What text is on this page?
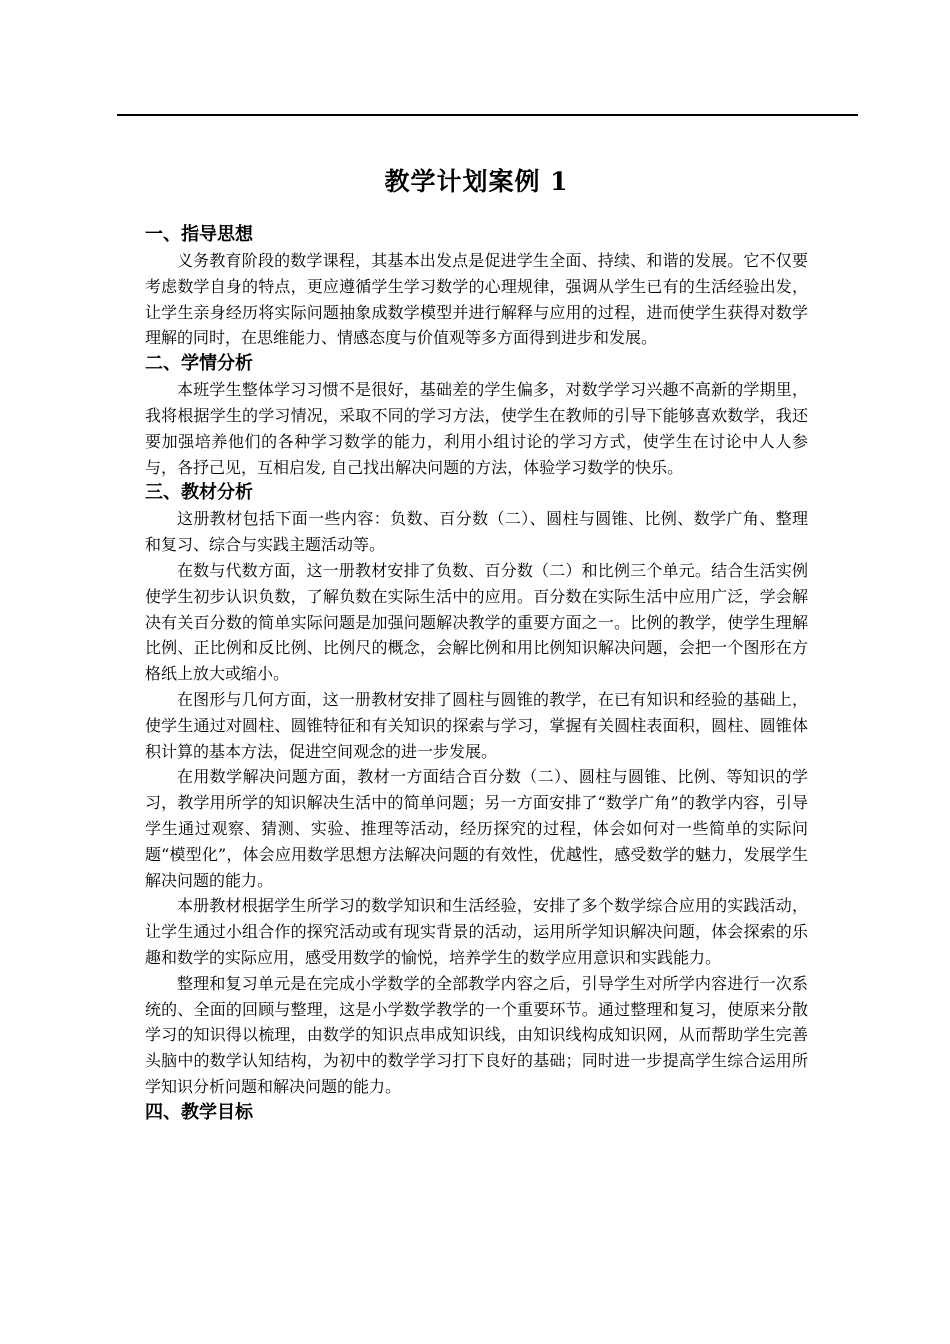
教学计划案例 1
一、指导思想

义务教育阶段的数学课程，其基本出发点是促进学生全面、持续、和谐的发展。它不仅要考虑数学自身的特点，更应遵循学生学习数学的心理规律，强调从学生已有的生活经验出发，让学生亲身经历将实际问题抽象成数学模型并进行解释与应用的过程，进而使学生获得对数学理解的同时，在思维能力、情感态度与价值观等多方面得到进步和发展。

二、学情分析

本班学生整体学习习惯不是很好，基础差的学生偏多，对数学学习兴趣不高新的学期里，我将根据学生的学习情况，采取不同的学习方法，使学生在教师的引导下能够喜欢数学，我还要加强培养他们的各种学习数学的能力，利用小组讨论的学习方式，使学生在讨论中人人参与，各抒己见，互相启发, 自己找出解决问题的方法，体验学习数学的快乐。

三、教材分析

这册教材包括下面一些内容：负数、百分数（二）、圆柱与圆锥、比例、数学广角、整理和复习、综合与实践主题活动等。

在数与代数方面，这一册教材安排了负数、百分数（二）和比例三个单元。结合生活实例使学生初步认识负数，了解负数在实际生活中的应用。百分数在实际生活中应用广泛，学会解决有关百分数的简单实际问题是加强问题解决教学的重要方面之一。比例的教学，使学生理解比例、正比例和反比例、比例尺的概念，会解比例和用比例知识解决问题，会把一个图形在方格纸上放大或缩小。

在图形与几何方面，这一册教材安排了圆柱与圆锥的教学，在已有知识和经验的基础上，使学生通过对圆柱、圆锥特征和有关知识的探索与学习，掌握有关圆柱表面积，圆柱、圆锥体积计算的基本方法，促进空间观念的进一步发展。

在用数学解决问题方面，教材一方面结合百分数（二）、圆柱与圆锥、比例、等知识的学习，教学用所学的知识解决生活中的简单问题；另一方面安排了“数学广角”的教学内容，引导学生通过观察、猜测、实验、推理等活动，经历探究的过程，体会如何对一些简单的实际问题“模型化”，体会应用数学思想方法解决问题的有效性，优越性，感受数学的魅力，发展学生解决问题的能力。

本册教材根据学生所学习的数学知识和生活经验，安排了多个数学综合应用的实践活动，让学生通过小组合作的探究活动或有现实背景的活动，运用所学知识解决问题，体会探索的乐趣和数学的实际应用，感受用数学的愉悦，培养学生的数学应用意识和实践能力。

整理和复习单元是在完成小学数学的全部教学内容之后，引导学生对所学内容进行一次系统的、全面的回顾与整理，这是小学数学教学的一个重要环节。通过整理和复习，使原来分散学习的知识得以梳理，由数学的知识点串成知识线，由知识线构成知识网，从而帮助学生完善头脑中的数学认知结构，为初中的数学学习打下良好的基础；同时进一步提高学生综合运用所学知识分析问题和解决问题的能力。

四、教学目标
